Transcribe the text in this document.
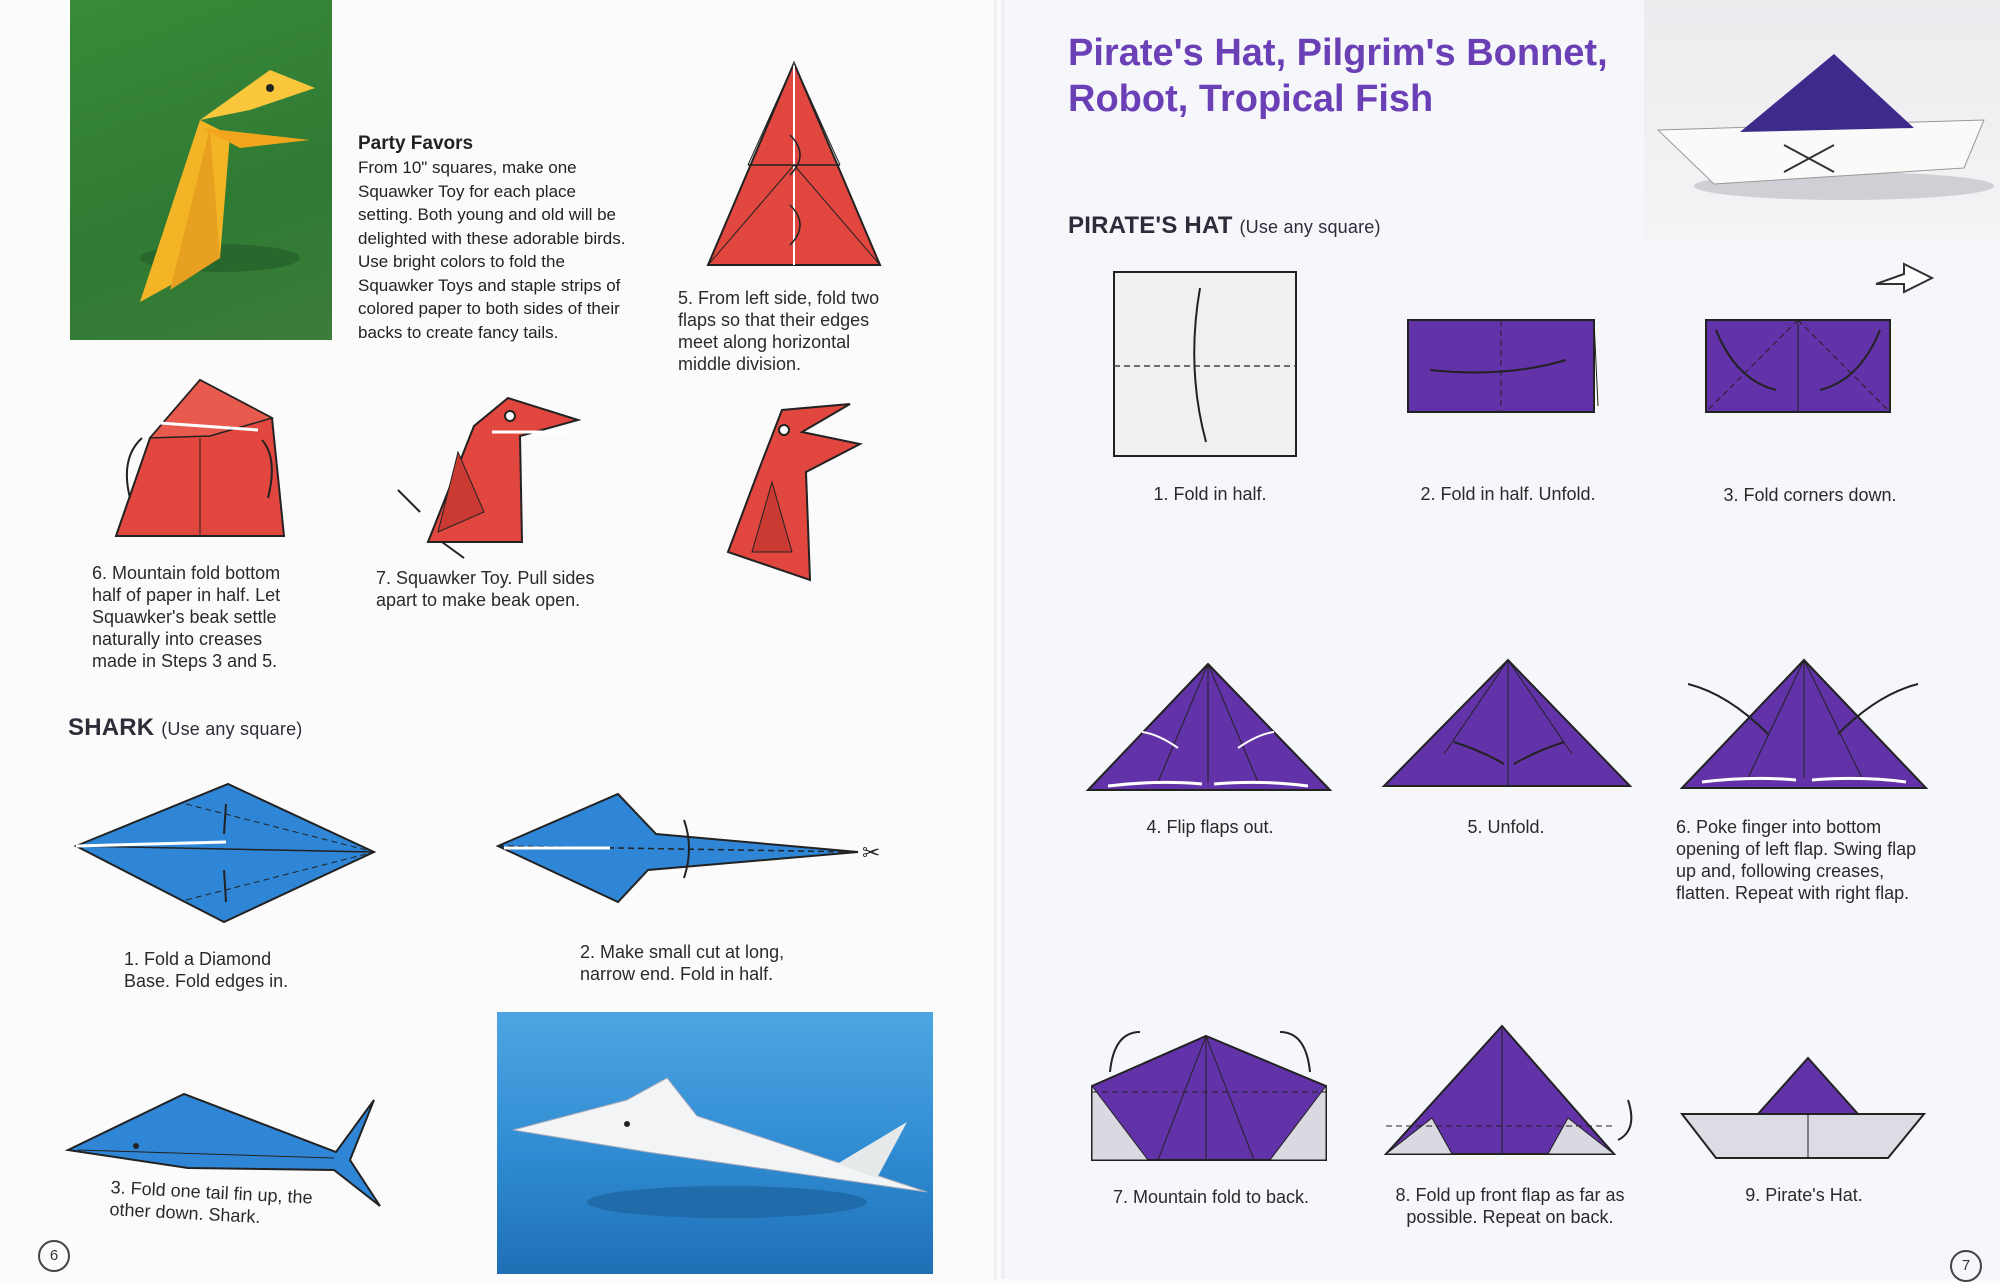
Party Favors
From 10" squares, make one Squawker Toy for each place setting. Both young and old will be delighted with these adorable birds. Use bright colors to fold the Squawker Toys and staple strips of colored paper to both sides of their backs to create fancy tails.
5. From left side, fold two flaps so that their edges meet along horizontal middle division.
6. Mountain fold bottom half of paper in half. Let Squawker's beak settle naturally into creases made in Steps 3 and 5.
7. Squawker Toy. Pull sides apart to make beak open.
SHARK (Use any square)
1. Fold a Diamond Base. Fold edges in.
✂
2. Make small cut at long, narrow end. Fold in half.
3. Fold one tail fin up, the other down. Shark.
6
Pirate's Hat, Pilgrim's Bonnet,
Robot, Tropical Fish
PIRATE'S HAT (Use any square)
1. Fold in half.	2. Fold in half. Unfold.	3. Fold corners down.
4. Flip flaps out.	5. Unfold.	6. Poke finger into bottom opening of left flap. Swing flap up and, following creases, flatten. Repeat with right flap.
7. Mountain fold to back.	8. Fold up front flap as far as possible. Repeat on back.
9. Pirate's Hat.
7
